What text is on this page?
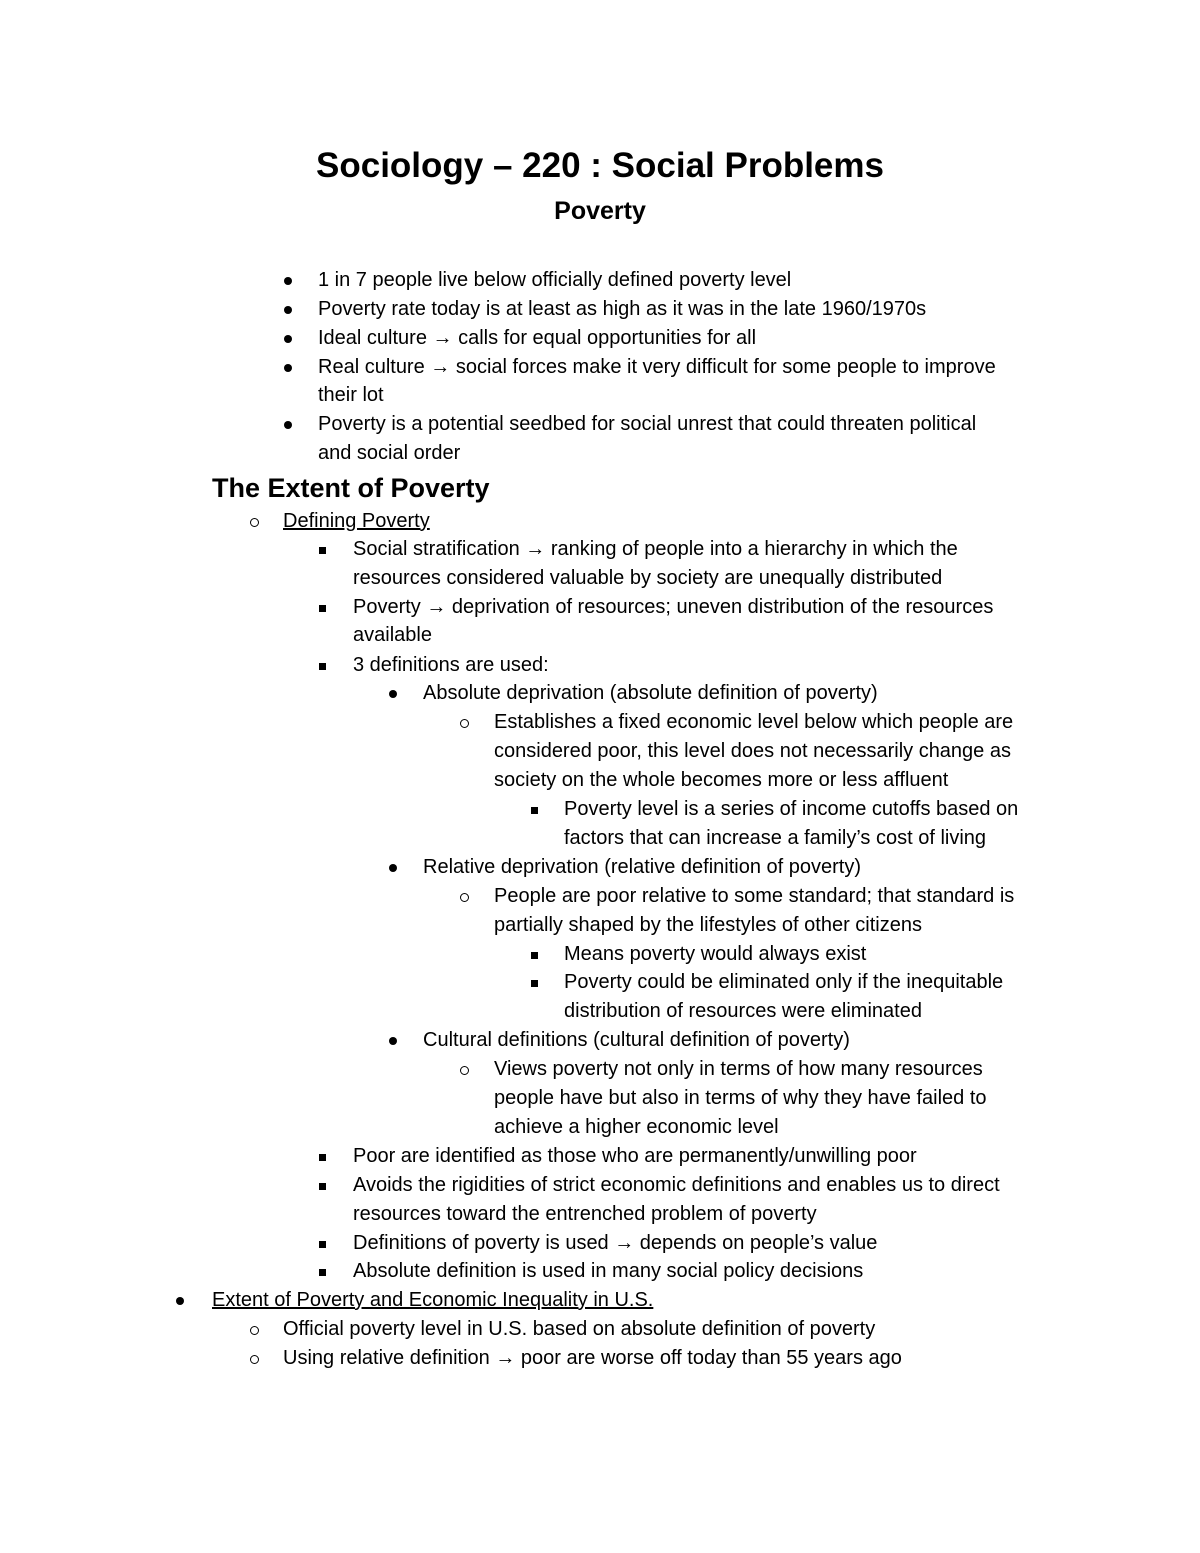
Sociology – 220 : Social Problems
Poverty
1 in 7 people live below officially defined poverty level
Poverty rate today is at least as high as it was in the late 1960/1970s
Ideal culture → calls for equal opportunities for all
Real culture → social forces make it very difficult for some people to improve
their lot
Poverty is a potential seedbed for social unrest that could threaten political
and social order
The Extent of Poverty
Defining Poverty
Social stratification → ranking of people into a hierarchy in which the
resources considered valuable by society are unequally distributed
Poverty → deprivation of resources; uneven distribution of the resources
available
3 definitions are used:
Absolute deprivation (absolute definition of poverty)
Establishes a fixed economic level below which people are
considered poor, this level does not necessarily change as
society on the whole becomes more or less affluent
Poverty level is a series of income cutoffs based on
factors that can increase a family’s cost of living
Relative deprivation (relative definition of poverty)
People are poor relative to some standard; that standard is
partially shaped by the lifestyles of other citizens
Means poverty would always exist
Poverty could be eliminated only if the inequitable
distribution of resources were eliminated
Cultural definitions (cultural definition of poverty)
Views poverty not only in terms of how many resources
people have but also in terms of why they have failed to
achieve a higher economic level
Poor are identified as those who are permanently/unwilling poor
Avoids the rigidities of strict economic definitions and enables us to direct
resources toward the entrenched problem of poverty
Definitions of poverty is used → depends on people’s value
Absolute definition is used in many social policy decisions
Extent of Poverty and Economic Inequality in U.S.
Official poverty level in U.S. based on absolute definition of poverty
Using relative definition → poor are worse off today than 55 years ago
